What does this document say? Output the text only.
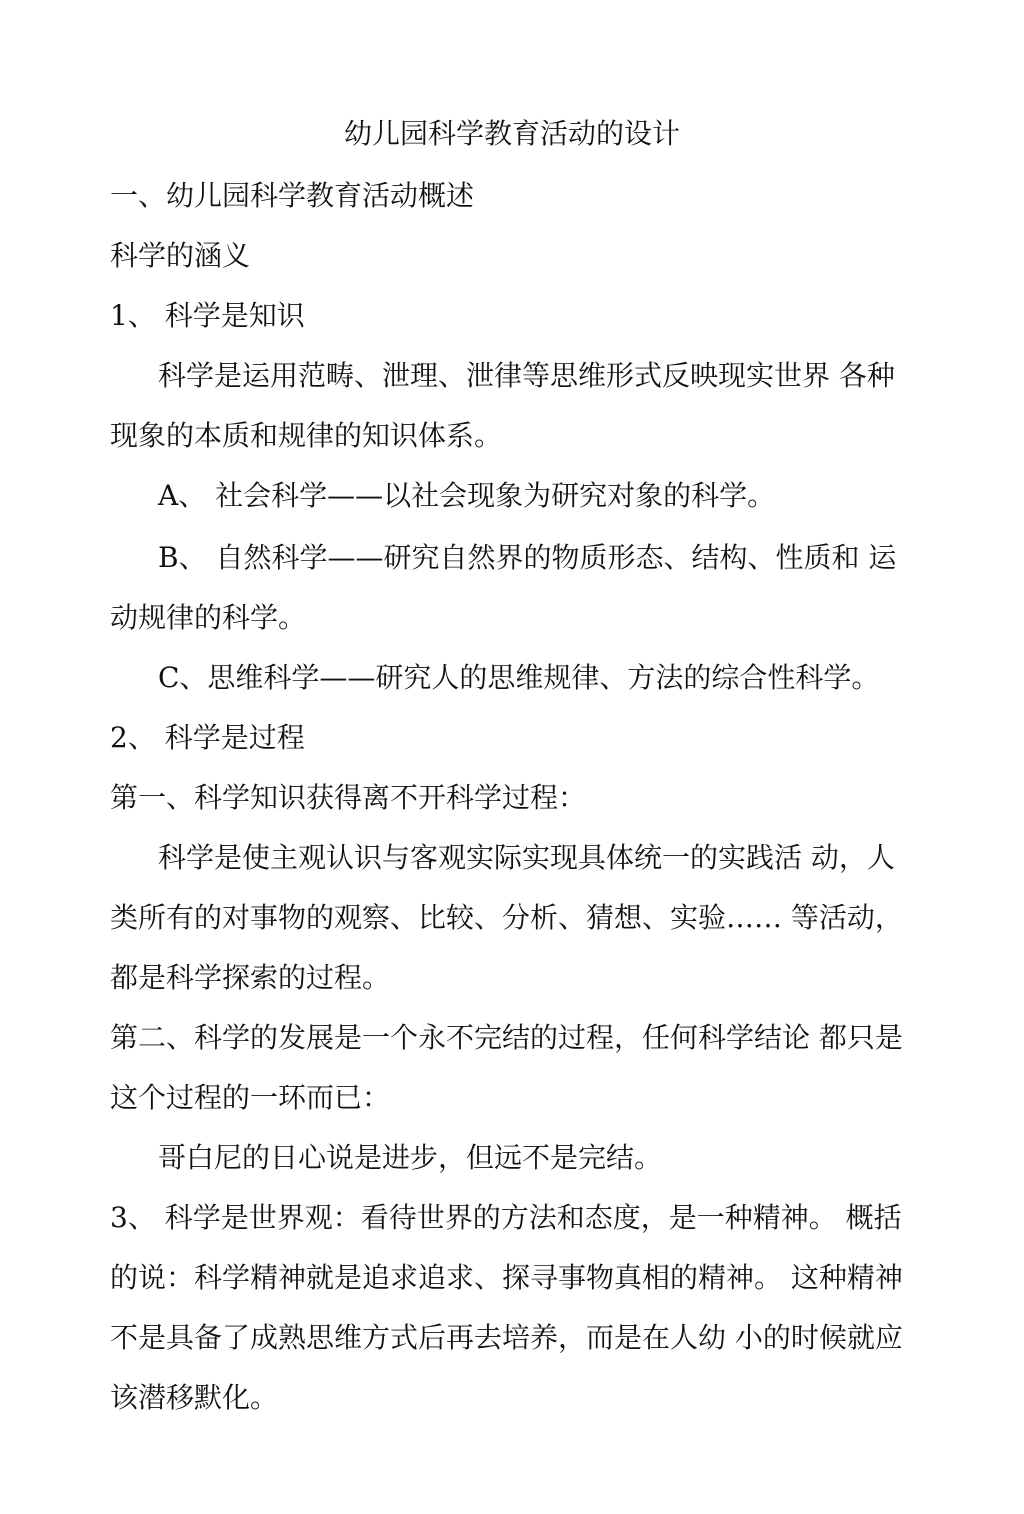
幼儿园科学教育活动的设计
一、幼儿园科学教育活动概述
科学的涵义
1、 科学是知识
科学是运用范畴、泄理、泄律等思维形式反映现实世界 各种
现象的本质和规律的知识体系。
A、 社会科学——以社会现象为研究对象的科学。
B、 自然科学——研究自然界的物质形态、结构、性质和 运
动规律的科学。
C、思维科学——研究人的思维规律、方法的综合性科学。
2、 科学是过程
第一、科学知识获得离不开科学过程：
科学是使主观认识与客观实际实现具体统一的实践活 动，人
类所有的对事物的观察、比较、分析、猜想、实验…… 等活动，
都是科学探索的过程。
第二、科学的发展是一个永不完结的过程，任何科学结论 都只是
这个过程的一环而已：
哥白尼的日心说是进步，但远不是完结。
3、 科学是世界观：看待世界的方法和态度，是一种精神。 概括
的说：科学精神就是追求追求、探寻事物真相的精神。 这种精神
不是具备了成熟思维方式后再去培养，而是在人幼 小的时候就应
该潜移默化。
